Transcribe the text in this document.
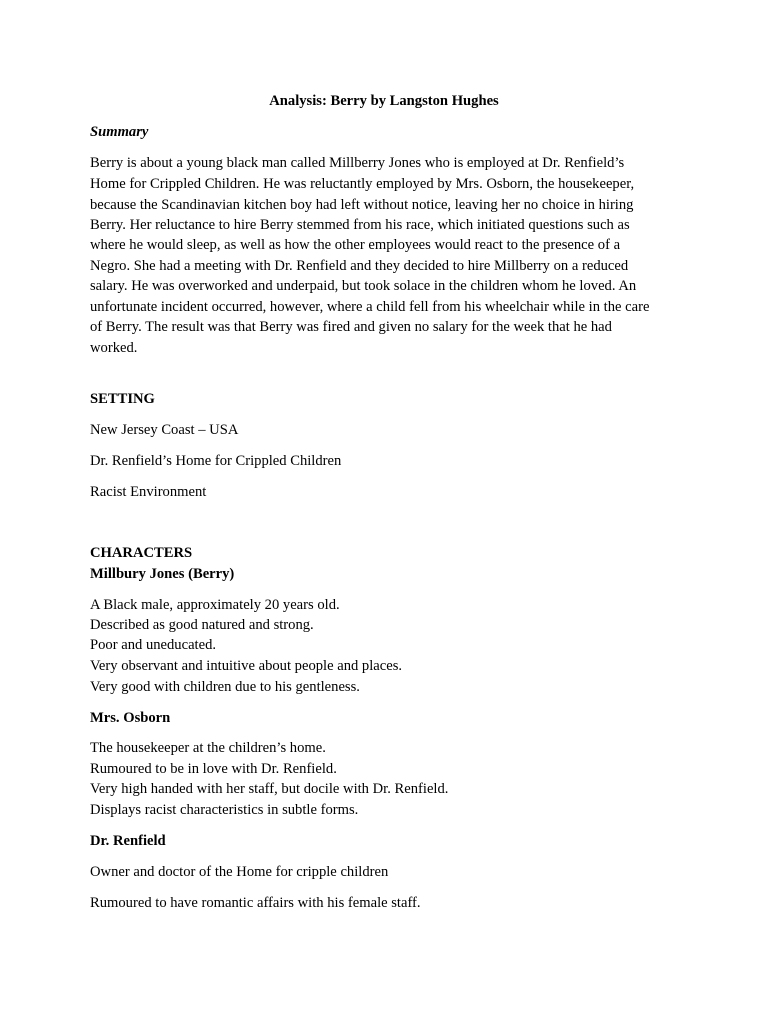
Analysis: Berry by Langston Hughes
Summary
Berry is about a young black man called Millberry Jones who is employed at Dr. Renfield’s
Home for Crippled Children. He was reluctantly employed by Mrs. Osborn, the housekeeper,
because the Scandinavian kitchen boy had left without notice, leaving her no choice in hiring
Berry. Her reluctance to hire Berry stemmed from his race, which initiated questions such as
where he would sleep, as well as how the other employees would react to the presence of a
Negro. She had a meeting with Dr. Renfield and they decided to hire Millberry on a reduced
salary. He was overworked and underpaid, but took solace in the children whom he loved. An
unfortunate incident occurred, however, where a child fell from his wheelchair while in the care
of Berry. The result was that Berry was fired and given no salary for the week that he had
worked.
SETTING
New Jersey Coast – USA
Dr. Renfield’s Home for Crippled Children
Racist Environment
CHARACTERS
Millbury Jones (Berry)
A Black male, approximately 20 years old.
Described as good natured and strong.
Poor and uneducated.
Very observant and intuitive about people and places.
Very good with children due to his gentleness.
Mrs. Osborn
The housekeeper at the children’s home.
Rumoured to be in love with Dr. Renfield.
Very high handed with her staff, but docile with Dr. Renfield.
Displays racist characteristics in subtle forms.
Dr. Renfield
Owner and doctor of the Home for cripple children
Rumoured to have romantic affairs with his female staff.
